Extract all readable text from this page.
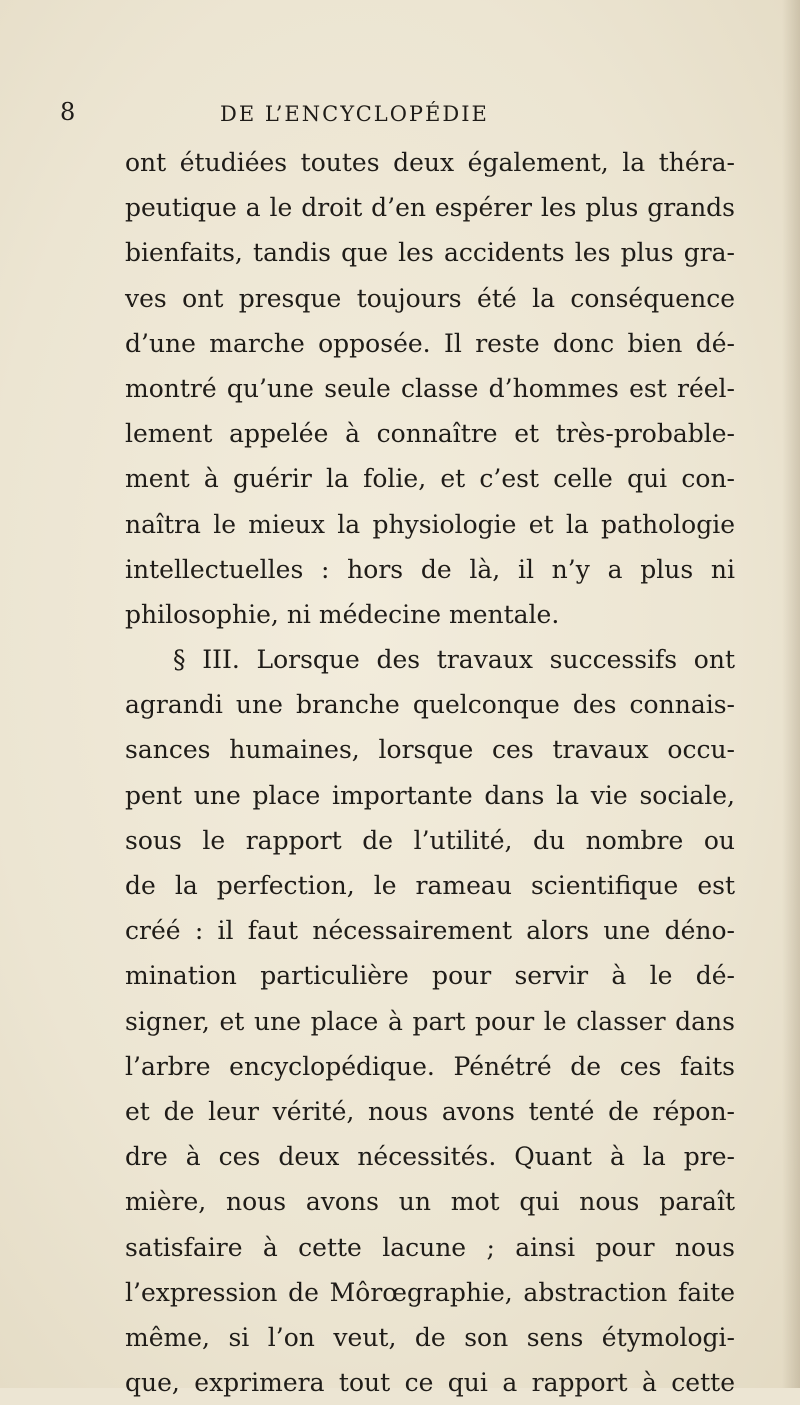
8	DE L’ENCYCLOPÉDIE
ont étudiées toutes deux également, la théra-
peutique a le droit d’en espérer les plus grands
bienfaits, tandis que les accidents les plus gra-
ves ont presque toujours été la conséquence
d’une marche opposée. Il reste donc bien dé-
montré qu’une seule classe d’hommes est réel-
lement appelée à connaître et très-probable-
ment à guérir la folie, et c’est celle qui con-
naîtra le mieux la physiologie et la pathologie
intellectuelles : hors de là, il n’y a plus ni
philosophie, ni médecine mentale.
§ III. Lorsque des travaux successifs ont
agrandi une branche quelconque des connais-
sances humaines, lorsque ces travaux occu-
pent une place importante dans la vie sociale,
sous le rapport de l’utilité, du nombre ou
de la perfection, le rameau scientifique est
créé : il faut nécessairement alors une déno-
mination particulière pour servir à le dé-
signer, et une place à part pour le classer dans
l’arbre encyclopédique. Pénétré de ces faits
et de leur vérité, nous avons tenté de répon-
dre à ces deux nécessités. Quant à la pre-
mière, nous avons un mot qui nous paraît
satisfaire à cette lacune ; ainsi pour nous
l’expression de Môrœgraphie, abstraction faite
même, si l’on veut, de son sens étymologi-
que, exprimera tout ce qui a rapport à cette
